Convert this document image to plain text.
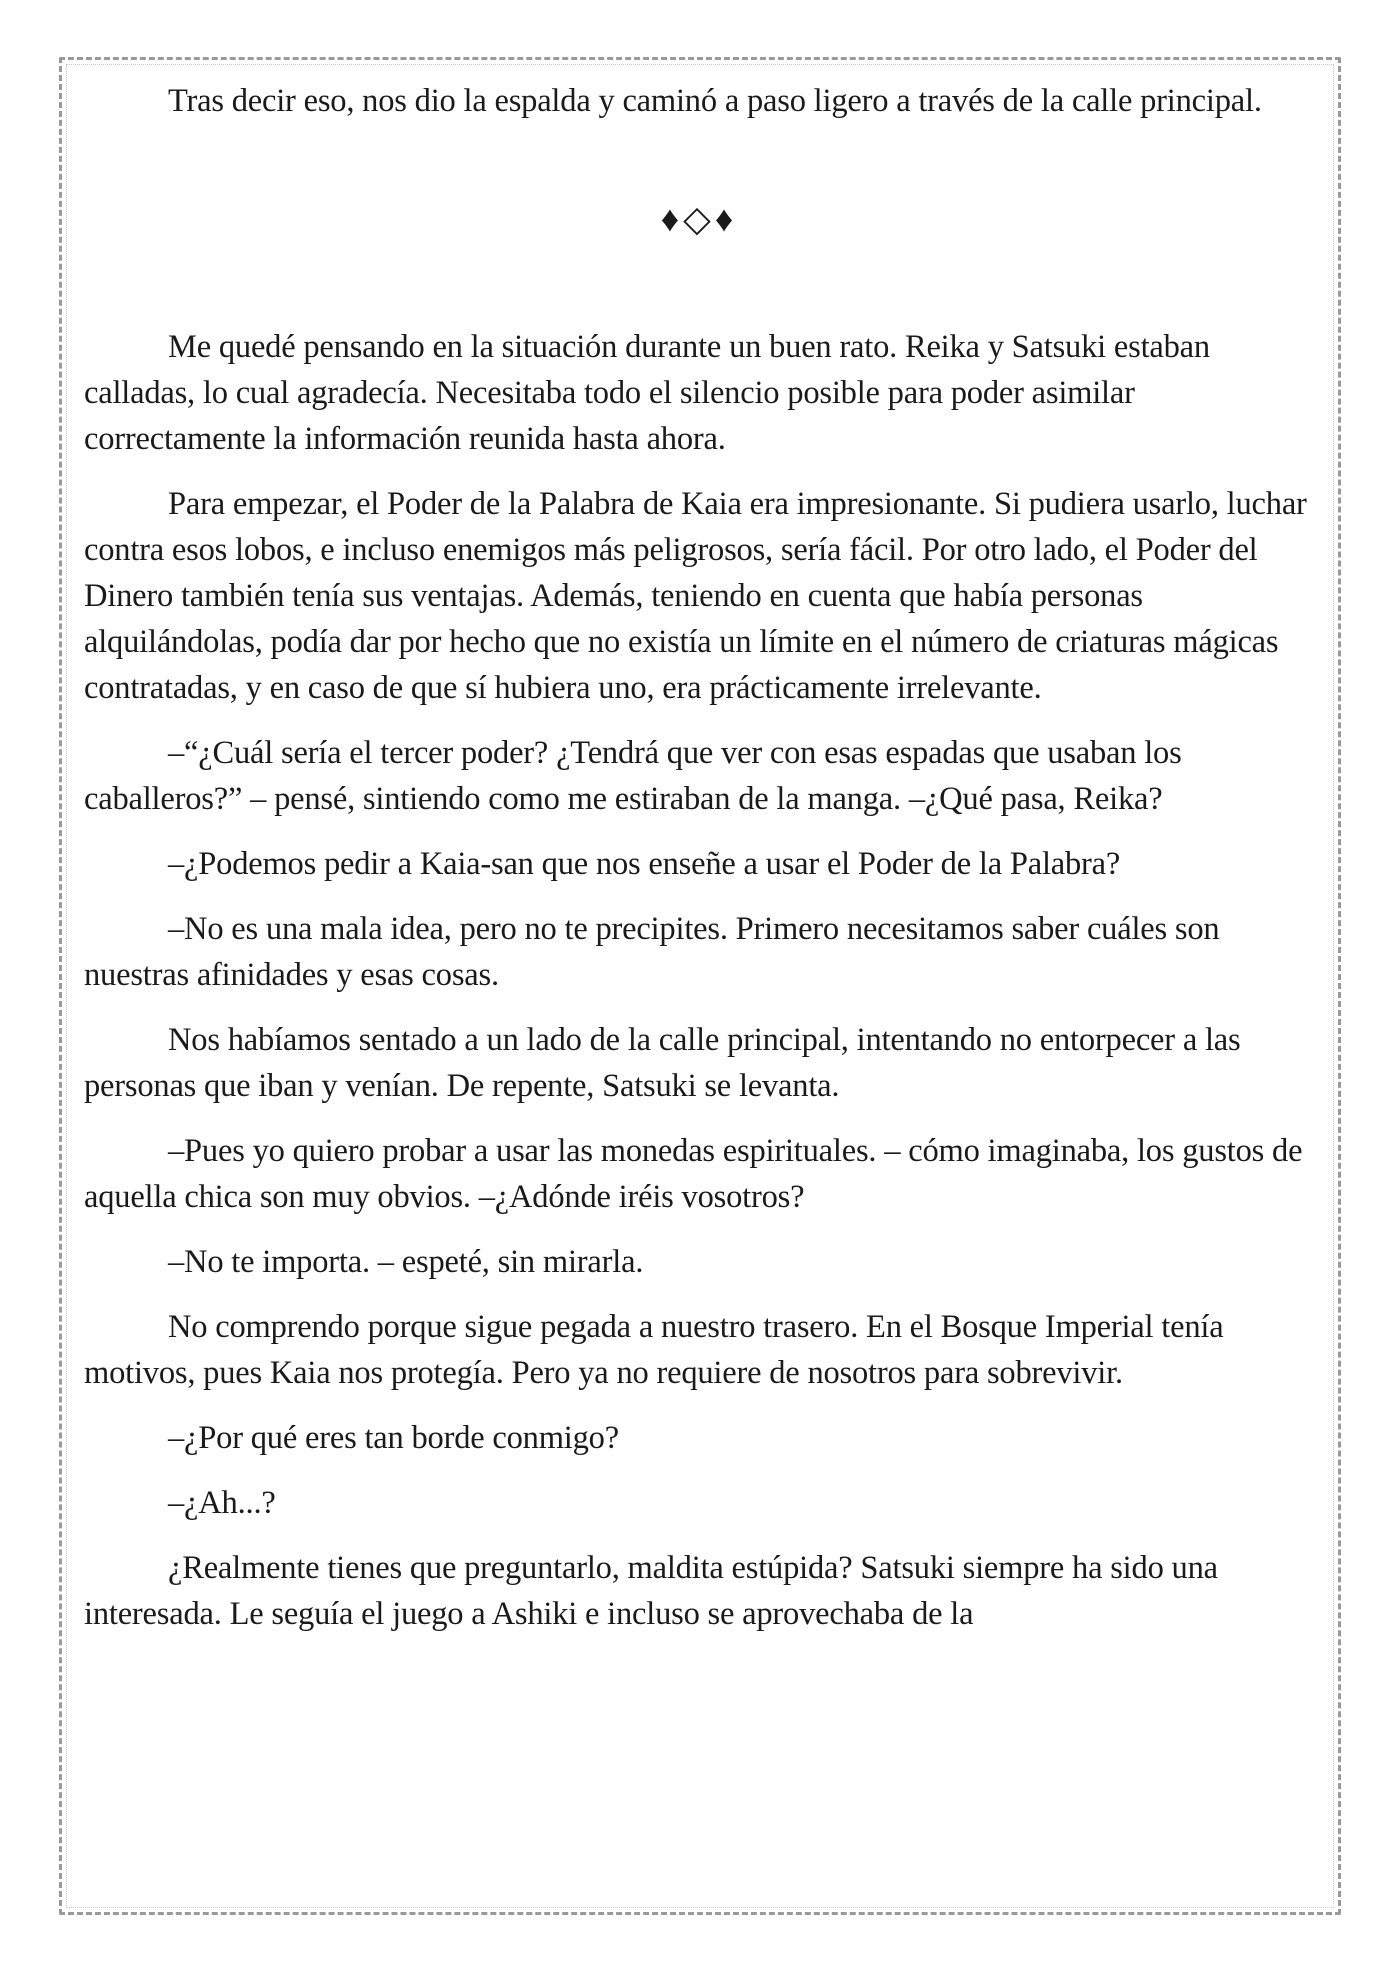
Tras decir eso, nos dio la espalda y caminó a paso ligero a través de la calle principal.

♦◇♦

Me quedé pensando en la situación durante un buen rato. Reika y Satsuki estaban calladas, lo cual agradecía. Necesitaba todo el silencio posible para poder asimilar correctamente la información reunida hasta ahora.

Para empezar, el Poder de la Palabra de Kaia era impresionante. Si pudiera usarlo, luchar contra esos lobos, e incluso enemigos más peligrosos, sería fácil. Por otro lado, el Poder del Dinero también tenía sus ventajas. Además, teniendo en cuenta que había personas alquilándolas, podía dar por hecho que no existía un límite en el número de criaturas mágicas contratadas, y en caso de que sí hubiera uno, era prácticamente irrelevante.

–“¿Cuál sería el tercer poder? ¿Tendrá que ver con esas espadas que usaban los caballeros?” – pensé, sintiendo como me estiraban de la manga. –¿Qué pasa, Reika?

–¿Podemos pedir a Kaia-san que nos enseñe a usar el Poder de la Palabra?

–No es una mala idea, pero no te precipites. Primero necesitamos saber cuáles son nuestras afinidades y esas cosas.

Nos habíamos sentado a un lado de la calle principal, intentando no entorpecer a las personas que iban y venían. De repente, Satsuki se levanta.

–Pues yo quiero probar a usar las monedas espirituales. – cómo imaginaba, los gustos de aquella chica son muy obvios. –¿Adónde iréis vosotros?

–No te importa. – espeté, sin mirarla.

No comprendo porque sigue pegada a nuestro trasero. En el Bosque Imperial tenía motivos, pues Kaia nos protegía. Pero ya no requiere de nosotros para sobrevivir.

–¿Por qué eres tan borde conmigo?

–¿Ah...?

¿Realmente tienes que preguntarlo, maldita estúpida? Satsuki siempre ha sido una interesada. Le seguía el juego a Ashiki e incluso se aprovechaba de la
